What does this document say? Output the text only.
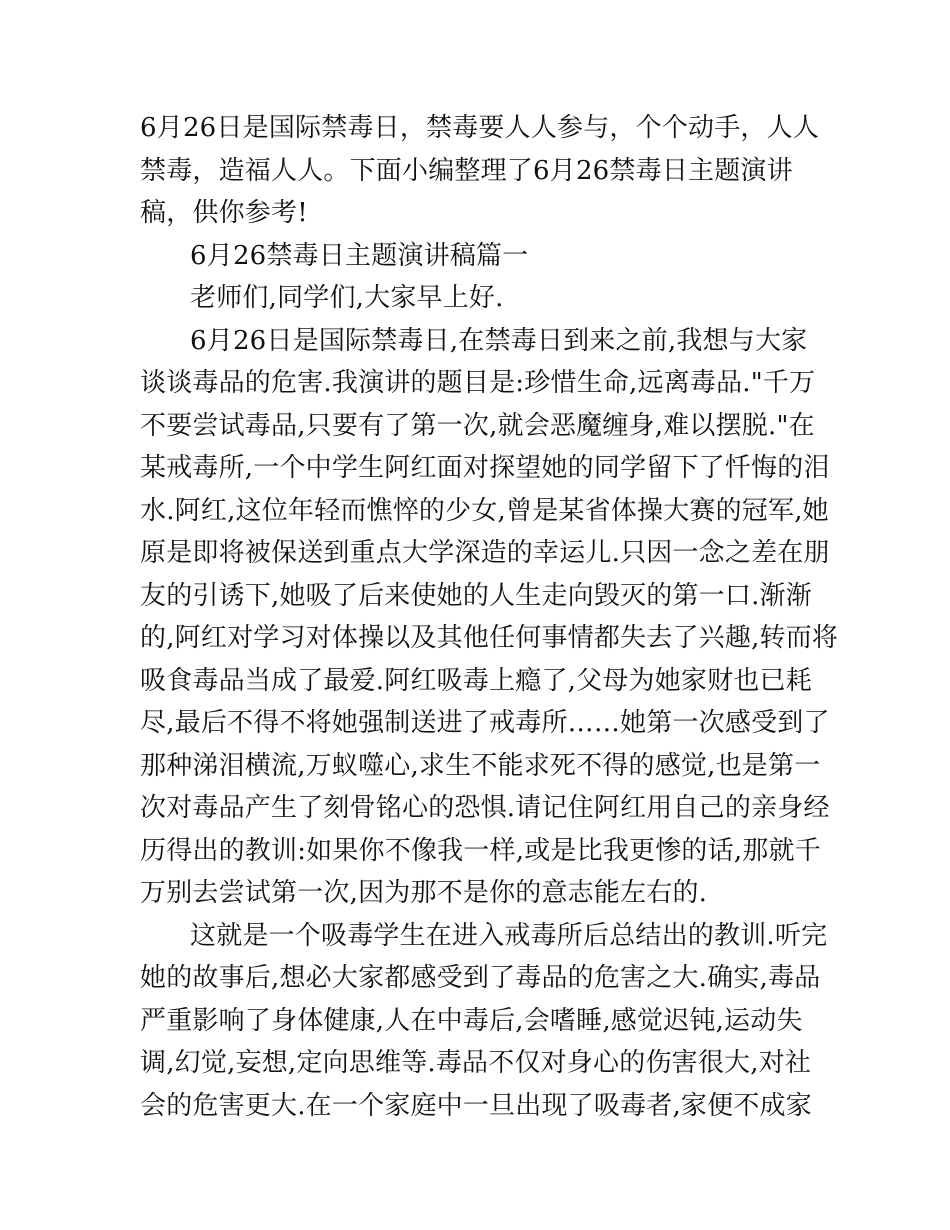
6月26日是国际禁毒日，禁毒要人人参与，个个动手，人人
禁毒，造福人人。下面小编整理了6月26禁毒日主题演讲
稿，供你参考!
6月26禁毒日主题演讲稿篇一
老师们,同学们,大家早上好.
6月26日是国际禁毒日,在禁毒日到来之前,我想与大家
谈谈毒品的危害.我演讲的题目是:珍惜生命,远离毒品."千万
不要尝试毒品,只要有了第一次,就会恶魔缠身,难以摆脱."在
某戒毒所,一个中学生阿红面对探望她的同学留下了忏悔的泪
水.阿红,这位年轻而憔悴的少女,曾是某省体操大赛的冠军,她
原是即将被保送到重点大学深造的幸运儿.只因一念之差在朋
友的引诱下,她吸了后来使她的人生走向毁灭的第一口.渐渐
的,阿红对学习对体操以及其他任何事情都失去了兴趣,转而将
吸食毒品当成了最爱.阿红吸毒上瘾了,父母为她家财也已耗
尽,最后不得不将她强制送进了戒毒所……她第一次感受到了
那种涕泪横流,万蚁噬心,求生不能求死不得的感觉,也是第一
次对毒品产生了刻骨铭心的恐惧.请记住阿红用自己的亲身经
历得出的教训:如果你不像我一样,或是比我更惨的话,那就千
万别去尝试第一次,因为那不是你的意志能左右的.
这就是一个吸毒学生在进入戒毒所后总结出的教训.听完
她的故事后,想必大家都感受到了毒品的危害之大.确实,毒品
严重影响了身体健康,人在中毒后,会嗜睡,感觉迟钝,运动失
调,幻觉,妄想,定向思维等.毒品不仅对身心的伤害很大,对社
会的危害更大.在一个家庭中一旦出现了吸毒者,家便不成家
